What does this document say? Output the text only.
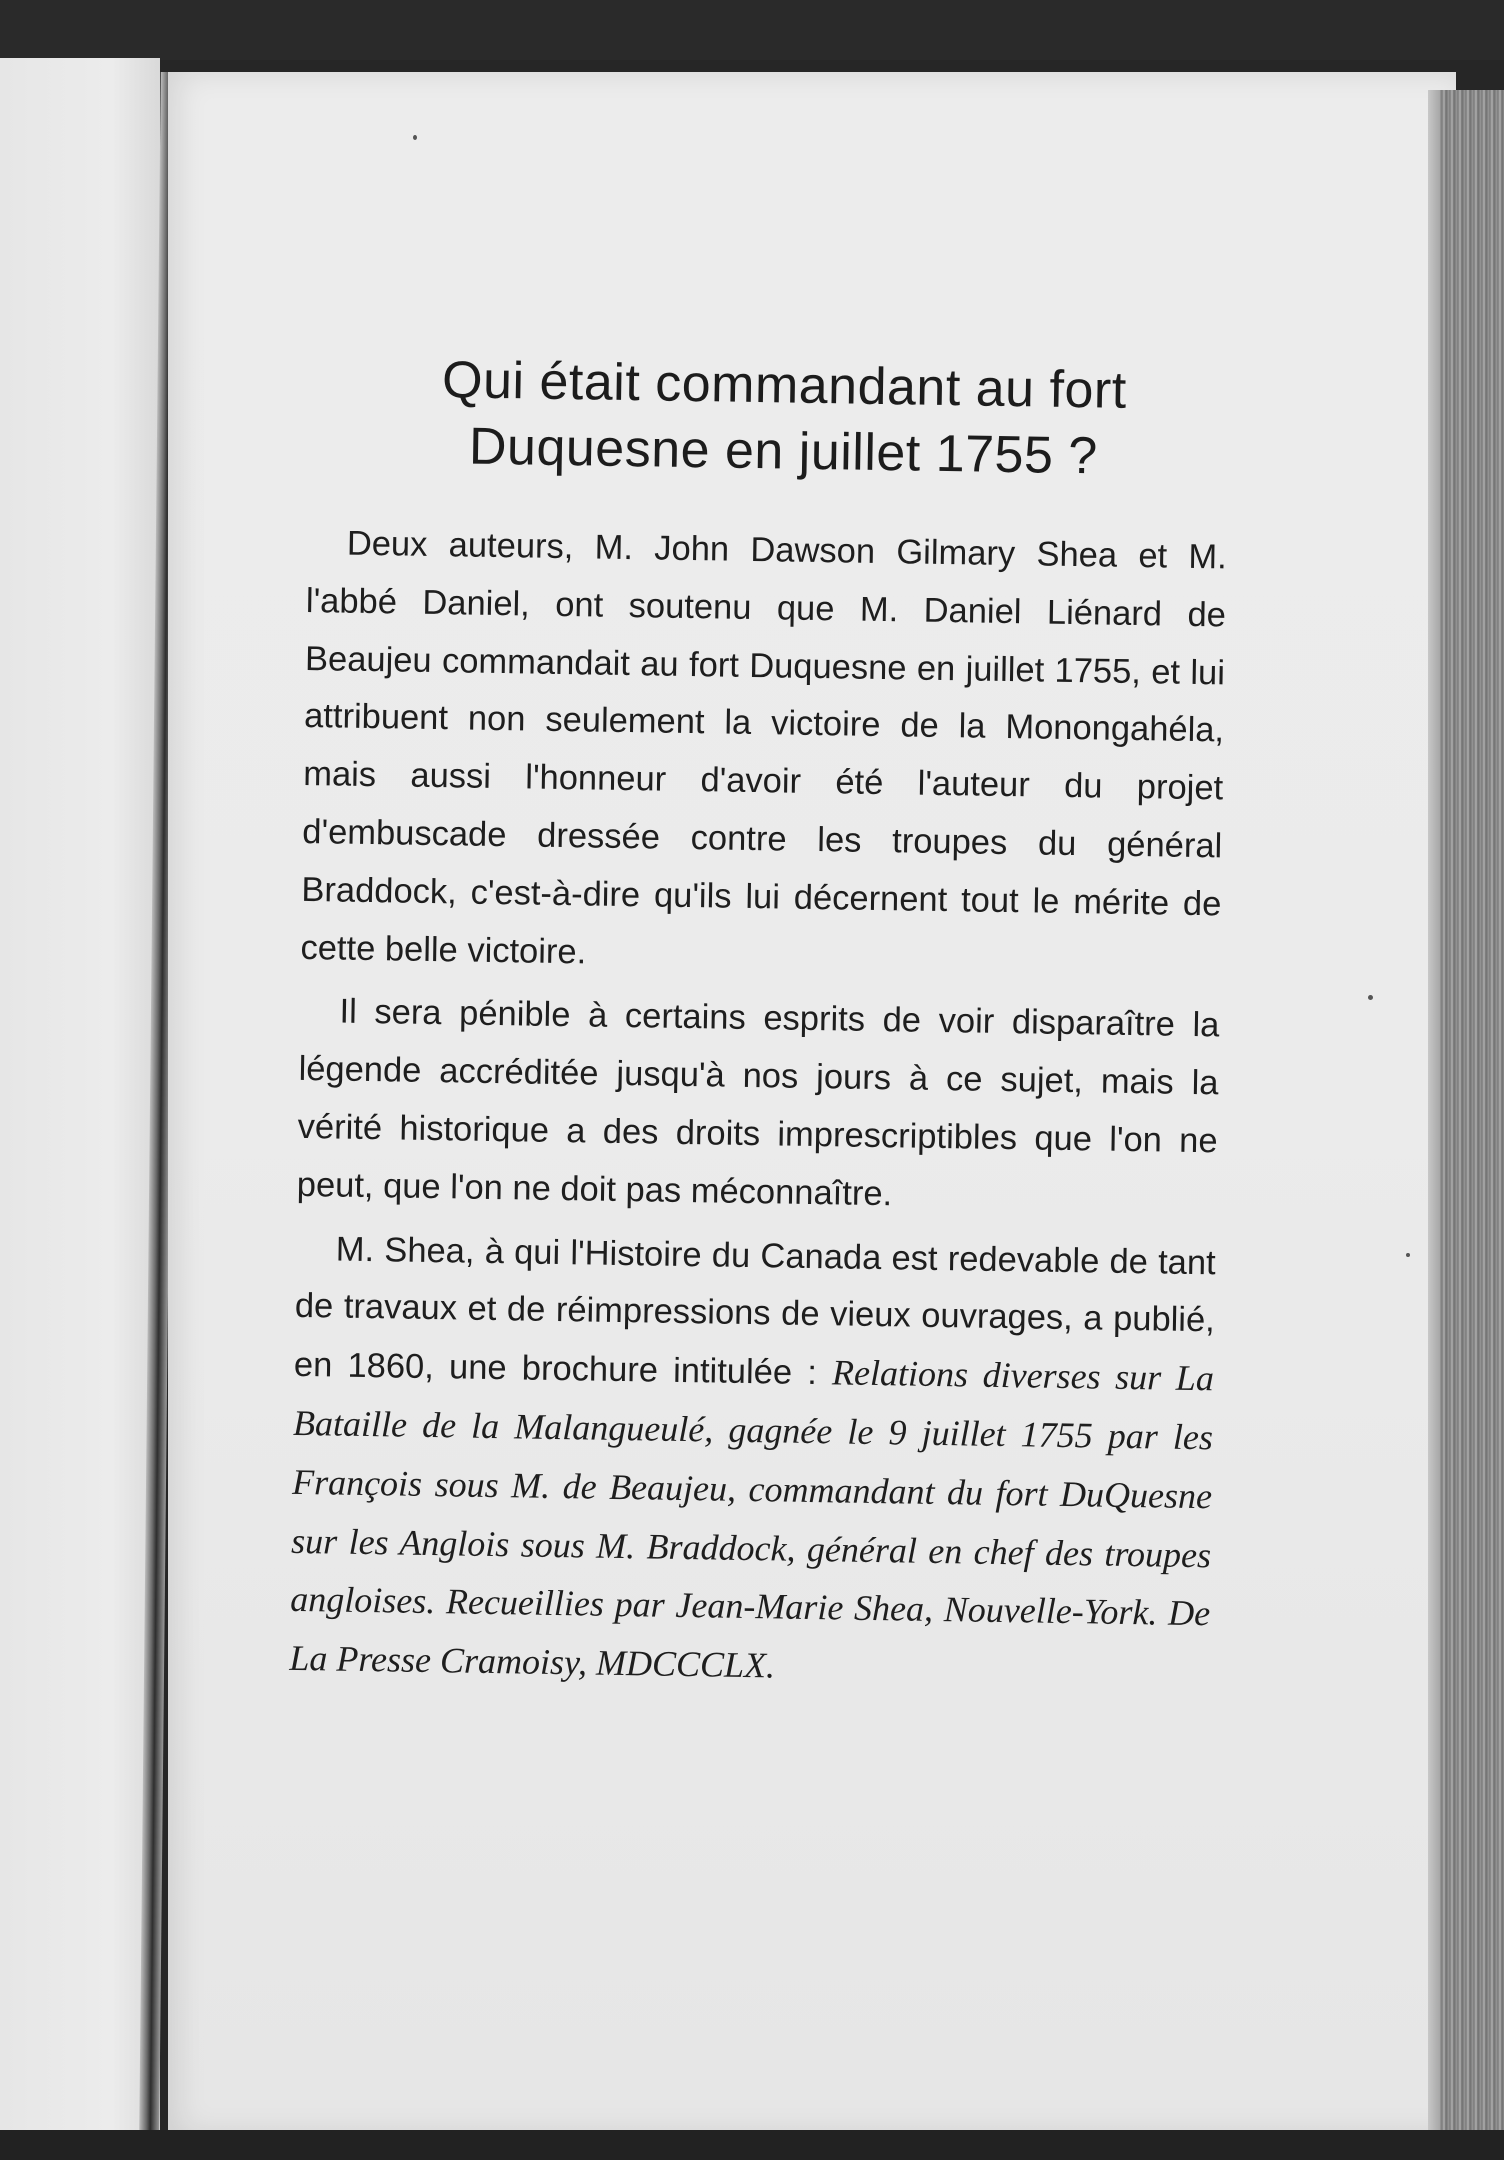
Qui était commandant au fort Duquesne en juillet 1755 ?

Deux auteurs, M. John Dawson Gilmary Shea et M. l'abbé Daniel, ont soutenu que M. Daniel Liénard de Beaujeu commandait au fort Duquesne en juillet 1755, et lui attribuent non seulement la victoire de la Monongahéla, mais aussi l'honneur d'avoir été l'auteur du projet d'embuscade dressée contre les troupes du général Braddock, c'est-à-dire qu'ils lui décernent tout le mérite de cette belle victoire.

Il sera pénible à certains esprits de voir disparaître la légende accréditée jusqu'à nos jours à ce sujet, mais la vérité historique a des droits imprescriptibles que l'on ne peut, que l'on ne doit pas méconnaître.

M. Shea, à qui l'Histoire du Canada est redevable de tant de travaux et de réimpressions de vieux ouvrages, a publié, en 1860, une brochure intitulée : Relations diverses sur La Bataille de la Malangueulé, gagnée le 9 juillet 1755 par les François sous M. de Beaujeu, commandant du fort DuQuesne sur les Anglois sous M. Braddock, général en chef des troupes angloises. Recueillies par Jean-Marie Shea, Nouvelle-York. De La Presse Cramoisy, MDCCCLX.
